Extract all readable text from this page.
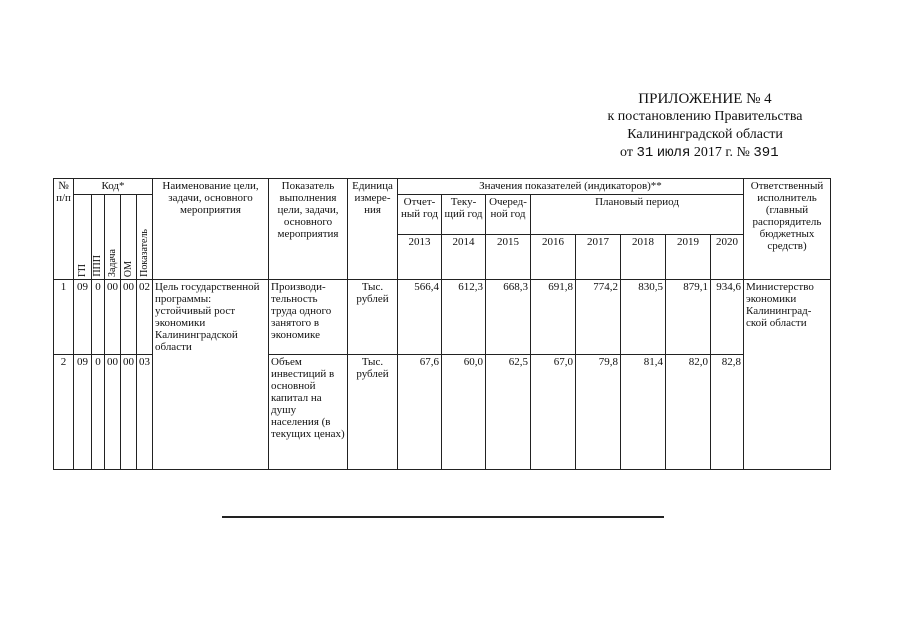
ПРИЛОЖЕНИЕ № 4
к постановлению Правительства
Калининградской области
от 31 июля 2017 г. № 391
№ п/п	Код*					Наименование цели, задачи, основного мероприятия	Показатель выполнения цели, задачи, основного мероприятия	Единица измере-ния	Значения показателей (индикаторов)**								Ответственный исполнитель (главный распорядитель бюджетных средств)

	ГП	ППП	Задача	ОМ	Показатель				Отчет-ный год	Теку-щий год	Очеред-ной год	Плановый период					
									2013	2014	2015	2016	2017	2018	2019	2020	
1	09	0	00	00	02	Цель государственной программы: устойчивый рост экономики Калининградской области	Производи-тельность труда одного занятого в экономике	Тыс. рублей	566,4	612,3	668,3	691,8	774,2	830,5	879,1	934,6	Министерство экономики Калининград-ской области
2	09	0	00	00	03		Объем инвестиций в основной капитал на душу населения (в текущих ценах)	Тыс. рублей	67,6	60,0	62,5	67,0	79,8	81,4	82,0	82,8	
